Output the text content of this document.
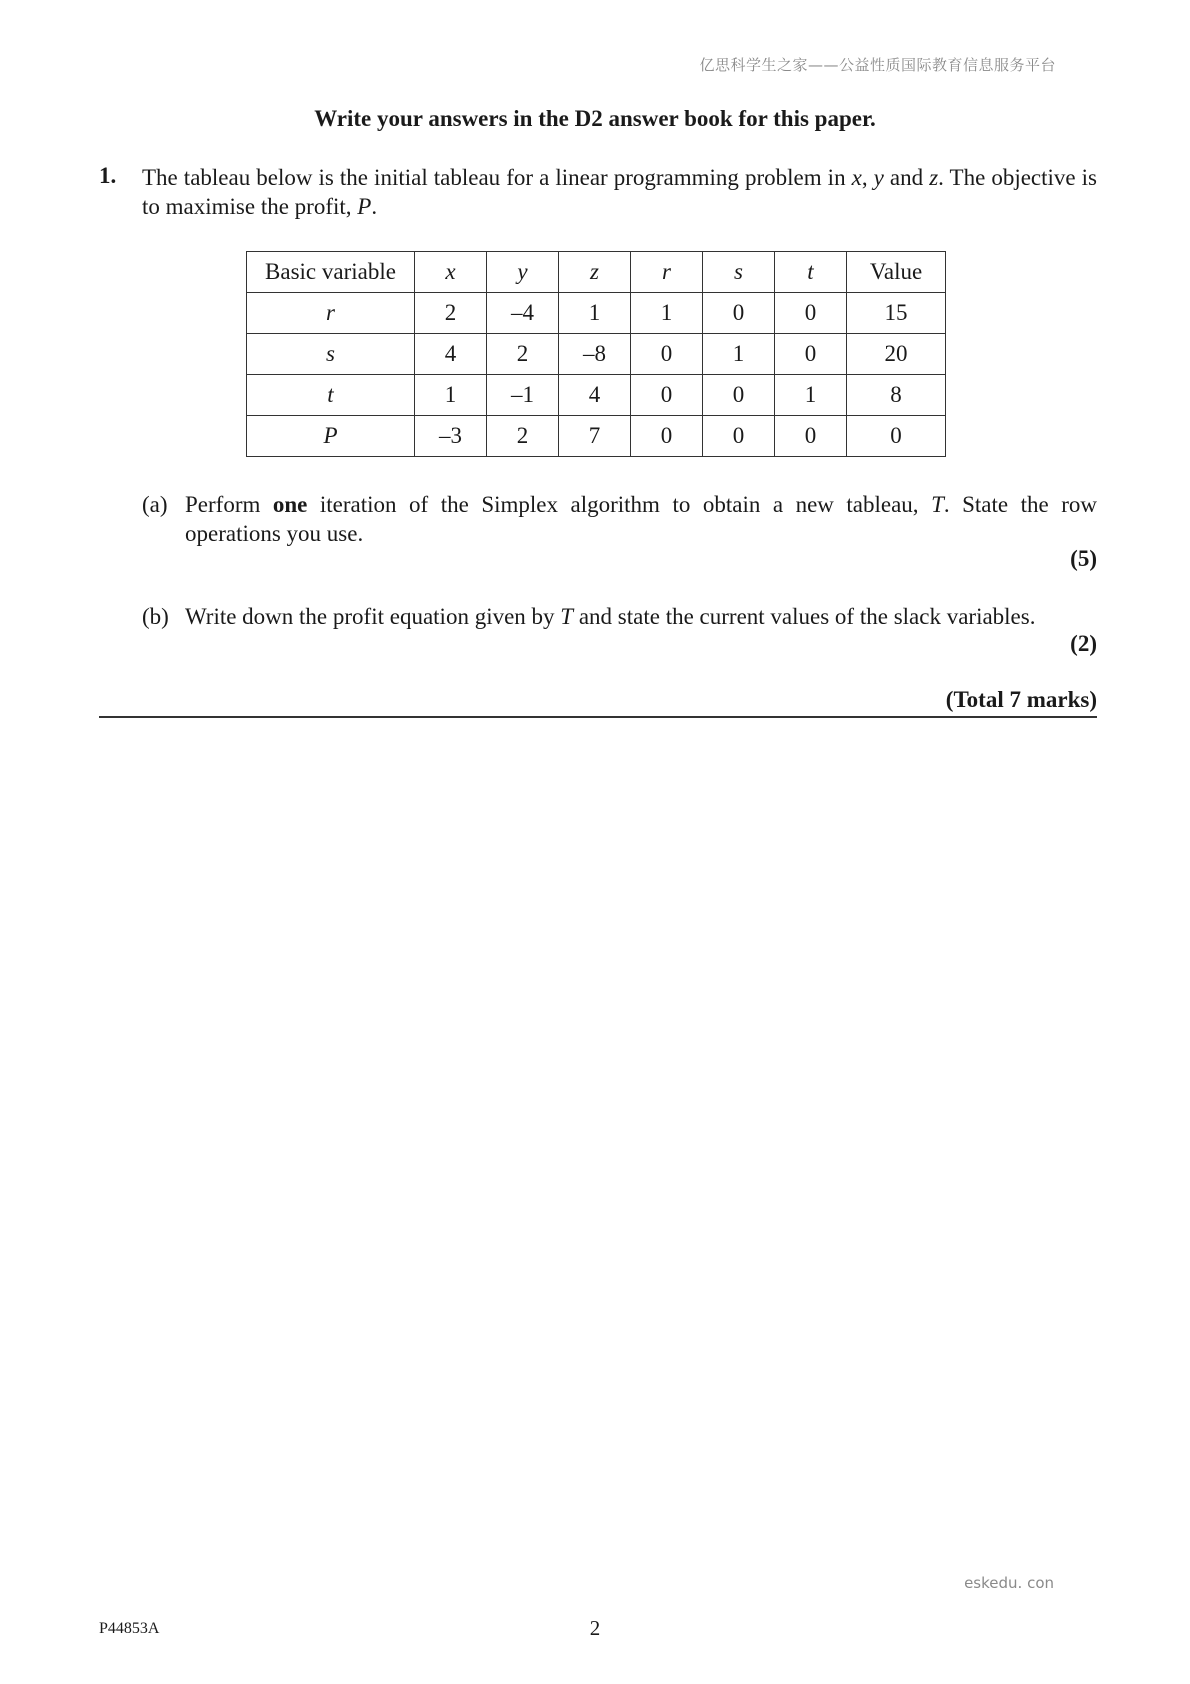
亿思科学生之家——公益性质国际教育信息服务平台
Write your answers in the D2 answer book for this paper.
1. The tableau below is the initial tableau for a linear programming problem in x, y and z. The objective is to maximise the profit, P.
Basic variable	x	y	z	r	s	t	Value
r	2	–4	1	1	0	0	15
s	4	2	–8	0	1	0	20
t	1	–1	4	0	0	1	8
P	–3	2	7	0	0	0	0
(a) Perform one iteration of the Simplex algorithm to obtain a new tableau, T. State the row operations you use.
(5)
(b) Write down the profit equation given by T and state the current values of the slack variables.
(2)
(Total 7 marks)
eskedu. con
P44853A	2
